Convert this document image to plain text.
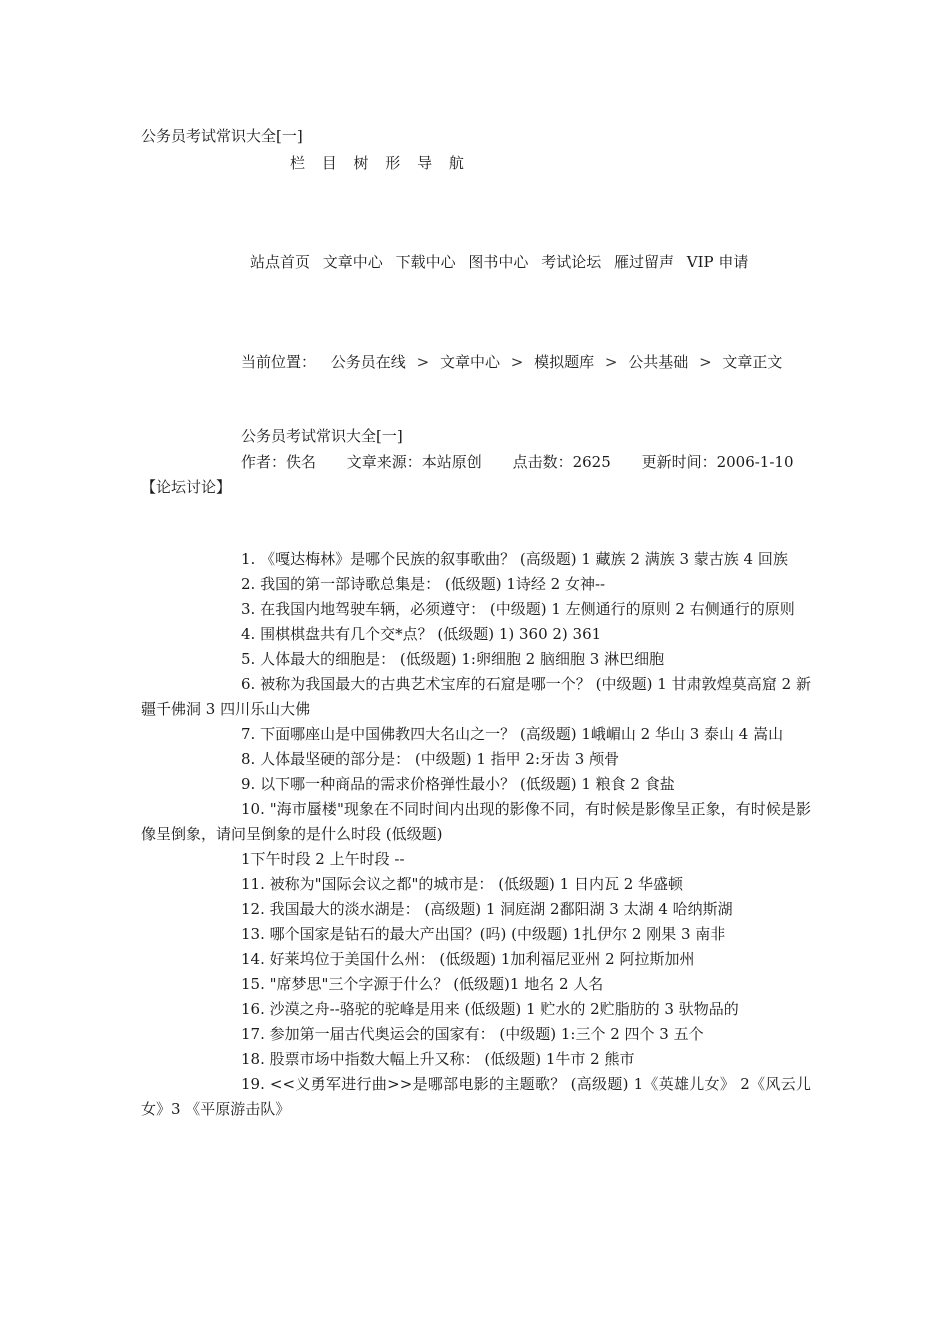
公务员考试常识大全[一]
栏 目 树 形 导 航
站点首页 文章中心 下载中心 图书中心 考试论坛 雁过留声 VIP 申请
当前位置： 公务员在线 > 文章中心 > 模拟题库 > 公共基础 > 文章正文
公务员考试常识大全[一]
作者：佚名 文章来源：本站原创 点击数：2625 更新时间：2006-1-10
【论坛讨论】

1. 《嘎达梅林》是哪个民族的叙事歌曲？ (高级题) 1 藏族 2 满族 3 蒙古族 4 回族

2. 我国的第一部诗歌总集是： (低级题) 1诗经 2 女神--

3. 在我国内地驾驶车辆，必须遵守： (中级题) 1 左侧通行的原则 2 右侧通行的原则

4. 围棋棋盘共有几个交*点？ (低级题) 1) 360 2) 361

5. 人体最大的细胞是： (低级题) 1:卵细胞 2 脑细胞 3 淋巴细胞

6. 被称为我国最大的古典艺术宝库的石窟是哪一个？ (中级题) 1 甘肃敦煌莫高窟 2 新疆千佛洞 3 四川乐山大佛

7. 下面哪座山是中国佛教四大名山之一？ (高级题) 1峨嵋山 2 华山 3 泰山 4 嵩山

8. 人体最坚硬的部分是： (中级题) 1 指甲 2:牙齿 3 颅骨

9. 以下哪一种商品的需求价格弹性最小？ (低级题) 1 粮食 2 食盐

10. "海市蜃楼"现象在不同时间内出现的影像不同，有时候是影像呈正象，有时候是影像呈倒象，请问呈倒象的是什么时段 (低级题)

1下午时段 2 上午时段 --

11. 被称为"国际会议之都"的城市是： (低级题) 1 日内瓦 2 华盛顿

12. 我国最大的淡水湖是： (高级题) 1 洞庭湖 2鄱阳湖 3 太湖 4 哈纳斯湖

13. 哪个国家是钻石的最大产出国？(吗) (中级题) 1扎伊尔 2 刚果 3 南非

14. 好莱坞位于美国什么州： (低级题) 1加利福尼亚州 2 阿拉斯加州

15. "席梦思"三个字源于什么？ (低级题)1 地名 2 人名

16. 沙漠之舟--骆驼的驼峰是用来 (低级题) 1 贮水的 2贮脂肪的 3 驮物品的

17. 参加第一届古代奥运会的国家有： (中级题) 1:三个 2 四个 3 五个

18. 股票市场中指数大幅上升又称： (低级题) 1牛市 2 熊市

19. <<义勇军进行曲>>是哪部电影的主题歌？ (高级题) 1《英雄儿女》 2《风云儿女》3 《平原游击队》
